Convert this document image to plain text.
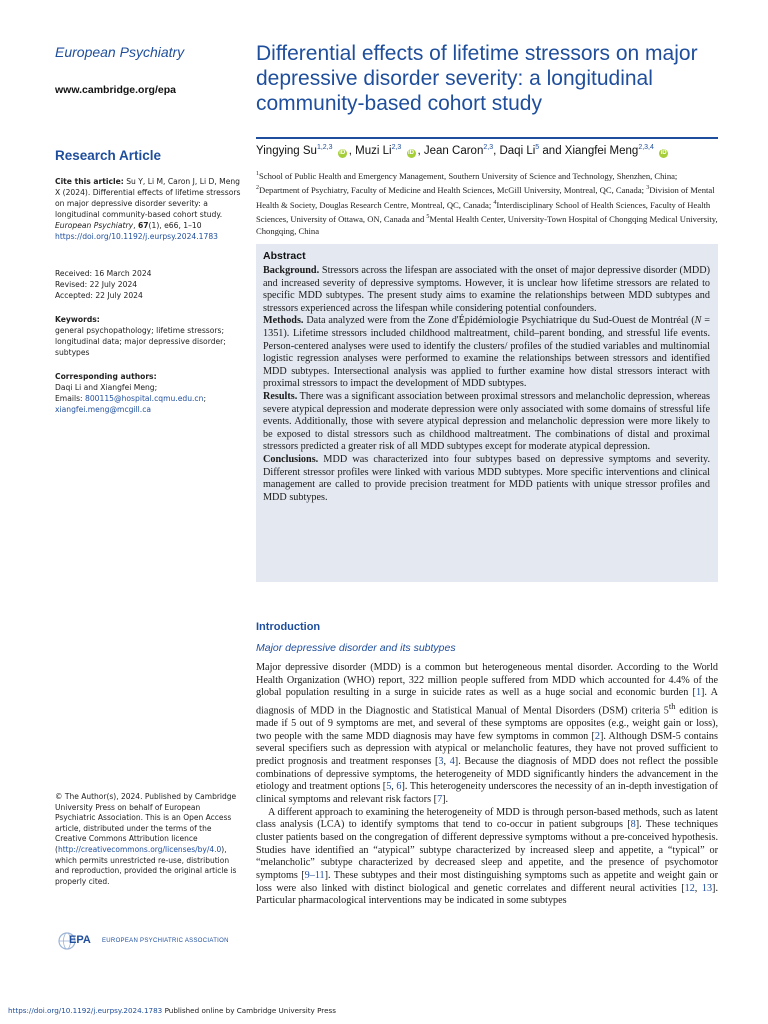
European Psychiatry
www.cambridge.org/epa
Research Article
Cite this article: Su Y, Li M, Caron J, Li D, Meng X (2024). Differential effects of lifetime stressors on major depressive disorder severity: a longitudinal community-based cohort study. European Psychiatry, 67(1), e66, 1–10
https://doi.org/10.1192/j.eurpsy.2024.1783
Received: 16 March 2024
Revised: 22 July 2024
Accepted: 22 July 2024
Keywords:
general psychopathology; lifetime stressors; longitudinal data; major depressive disorder; subtypes
Corresponding authors:
Daqi Li and Xiangfei Meng;
Emails: 800115@hospital.cqmu.edu.cn;
xiangfei.meng@mcgill.ca
Differential effects of lifetime stressors on major depressive disorder severity: a longitudinal community-based cohort study
Yingying Su$^{1,2,3}$ iD , Muzi Li$^{2,3}$ iD , Jean Caron$^{2,3}$, Daqi Li$^5$ and Xiangfei Meng$^{2,3,4}$ iD
$^1$School of Public Health and Emergency Management, Southern University of Science and Technology, Shenzhen, China; $^2$Department of Psychiatry, Faculty of Medicine and Health Sciences, McGill University, Montreal, QC, Canada; $^3$Division of Mental Health & Society, Douglas Research Centre, Montreal, QC, Canada; $^4$Interdisciplinary School of Health Sciences, Faculty of Health Sciences, University of Ottawa, ON, Canada and $^5$Mental Health Center, University-Town Hospital of Chongqing Medical University, Chongqing, China
Abstract

Background. Stressors across the lifespan are associated with the onset of major depressive disorder (MDD) and increased severity of depressive symptoms. However, it is unclear how lifetime stressors are related to specific MDD subtypes. The present study aims to examine the relationships between MDD subtypes and stressors experienced across the lifespan while considering potential confounders.

Methods. Data analyzed were from the Zone d'Épidémiologie Psychiatrique du Sud-Ouest de Montréal (N = 1351). Lifetime stressors included childhood maltreatment, child–parent bonding, and stressful life events. Person-centered analyses were used to identify the clusters/ profiles of the studied variables and multinomial logistic regression analyses were performed to examine the relationships between stressors and identified MDD subtypes. Intersectional analysis was applied to further examine how distal stressors interact with proximal stressors to impact the development of MDD subtypes.

Results. There was a significant association between proximal stressors and melancholic depression, whereas severe atypical depression and moderate depression were only associated with some domains of stressful life events. Additionally, those with severe atypical depression and melancholic depression were more likely to be exposed to distal stressors such as childhood maltreatment. The combinations of distal and proximal stressors predicted a greater risk of all MDD subtypes except for moderate atypical depression.

Conclusions. MDD was characterized into four subtypes based on depressive symptoms and severity. Different stressor profiles were linked with various MDD subtypes. More specific interventions and clinical management are called to provide precision treatment for MDD patients with unique stressor profiles and MDD subtypes.

Introduction
Major depressive disorder and its subtypes

Major depressive disorder (MDD) is a common but heterogeneous mental disorder. According to the World Health Organization (WHO) report, 322 million people suffered from MDD which accounted for 4.4% of the global population resulting in a surge in suicide rates as well as a huge social and economic burden [1]. A diagnosis of MDD in the Diagnostic and Statistical Manual of Mental Disorders (DSM) criteria 5th edition is made if 5 out of 9 symptoms are met, and several of these symptoms are opposites (e.g., weight gain or loss), two people with the same MDD diagnosis may have few symptoms in common [2]. Although DSM-5 contains several specifiers such as depression with atypical or melancholic features, they have not proved sufficient to predict prognosis and treatment responses [3, 4]. Because the diagnosis of MDD does not reflect the possible combinations of depressive symptoms, the heterogeneity of MDD significantly hinders the advancement in the etiology and treatment options [5, 6]. This heterogeneity underscores the necessity of an in-depth investigation of clinical symptoms and relevant risk factors [7].

A different approach to examining the heterogeneity of MDD is through person-based methods, such as latent class analysis (LCA) to identify symptoms that tend to co-occur in patient subgroups [8]. These techniques cluster patients based on the congregation of different depressive symptoms without a pre-conceived hypothesis. Studies have identified an “atypical” subtype characterized by increased sleep and appetite, a “typical” or “melancholic” subtype characterized by decreased sleep and appetite, and the presence of psychomotor symptoms [9–11]. These subtypes and their most distinguishing symptoms such as appetite and weight gain or loss were also linked with distinct biological and genetic correlates and different neural activities [12, 13]. Particular pharmacological interventions may be indicated in some subtypes

© The Author(s), 2024. Published by Cambridge University Press on behalf of European Psychiatric Association. This is an Open Access article, distributed under the terms of the Creative Commons Attribution licence (http://creativecommons.org/licenses/by/4.0), which permits unrestricted re-use, distribution and reproduction, provided the original article is properly cited.
EPA EUROPEAN PSYCHIATRIC ASSOCIATION
https://doi.org/10.1192/j.eurpsy.2024.1783 Published online by Cambridge University Press
